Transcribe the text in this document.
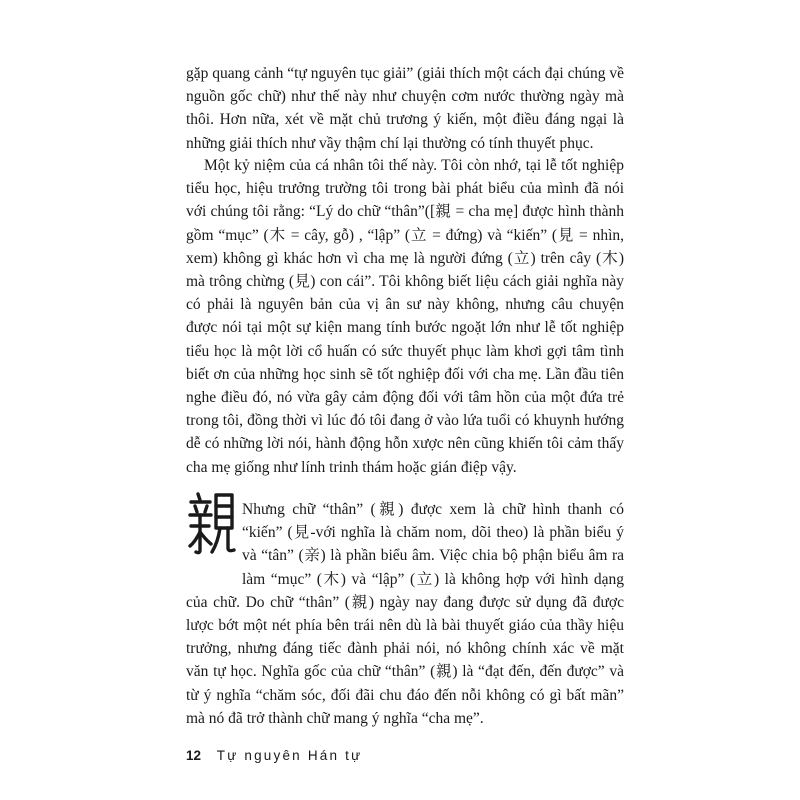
gặp quang cảnh “tự nguyên tục giải” (giải thích một cách đại chúng về nguồn gốc chữ) như thế này như chuyện cơm nước thường ngày mà thôi. Hơn nữa, xét về mặt chủ trương ý kiến, một điều đáng ngại là những giải thích như vầy thậm chí lại thường có tính thuyết phục.

Một kỷ niệm của cá nhân tôi thế này. Tôi còn nhớ, tại lễ tốt nghiệp tiểu học, hiệu trưởng trường tôi trong bài phát biểu của mình đã nói với chúng tôi rằng: “Lý do chữ “thân”([親 = cha mẹ] được hình thành gồm “mục” (木 = cây, gỗ) , “lập” (立 = đứng) và “kiến” (見 = nhìn, xem) không gì khác hơn vì cha mẹ là người đứng (立) trên cây (木) mà trông chừng (見) con cái”. Tôi không biết liệu cách giải nghĩa này có phải là nguyên bản của vị ân sư này không, nhưng câu chuyện được nói tại một sự kiện mang tính bước ngoặt lớn như lễ tốt nghiệp tiểu học là một lời cổ huấn có sức thuyết phục làm khơi gợi tâm tình biết ơn của những học sinh sẽ tốt nghiệp đối với cha mẹ. Lần đầu tiên nghe điều đó, nó vừa gây cảm động đối với tâm hồn của một đứa trẻ trong tôi, đồng thời vì lúc đó tôi đang ở vào lứa tuổi có khuynh hướng dễ có những lời nói, hành động hỗn xược nên cũng khiến tôi cảm thấy cha mẹ giống như lính trinh thám hoặc gián điệp vậy.

Nhưng chữ “thân” (親) được xem là chữ hình thanh có “kiến” (見-với nghĩa là chăm nom, dõi theo) là phần biểu ý và “tân” (亲) là phần biểu âm. Việc chia bộ phận biểu âm ra làm “mục” (木) và “lập” (立) là không hợp với hình dạng của chữ. Do chữ “thân” (親) ngày nay đang được sử dụng đã được lược bớt một nét phía bên trái nên dù là bài thuyết giáo của thầy hiệu trưởng, nhưng đáng tiếc đành phải nói, nó không chính xác về mặt văn tự học. Nghĩa gốc của chữ “thân” (親) là “đạt đến, đến được” và từ ý nghĩa “chăm sóc, đối đãi chu đáo đến nỗi không có gì bất mãn” mà nó đã trở thành chữ mang ý nghĩa “cha mẹ”.
12 Tự nguyên Hán tự
